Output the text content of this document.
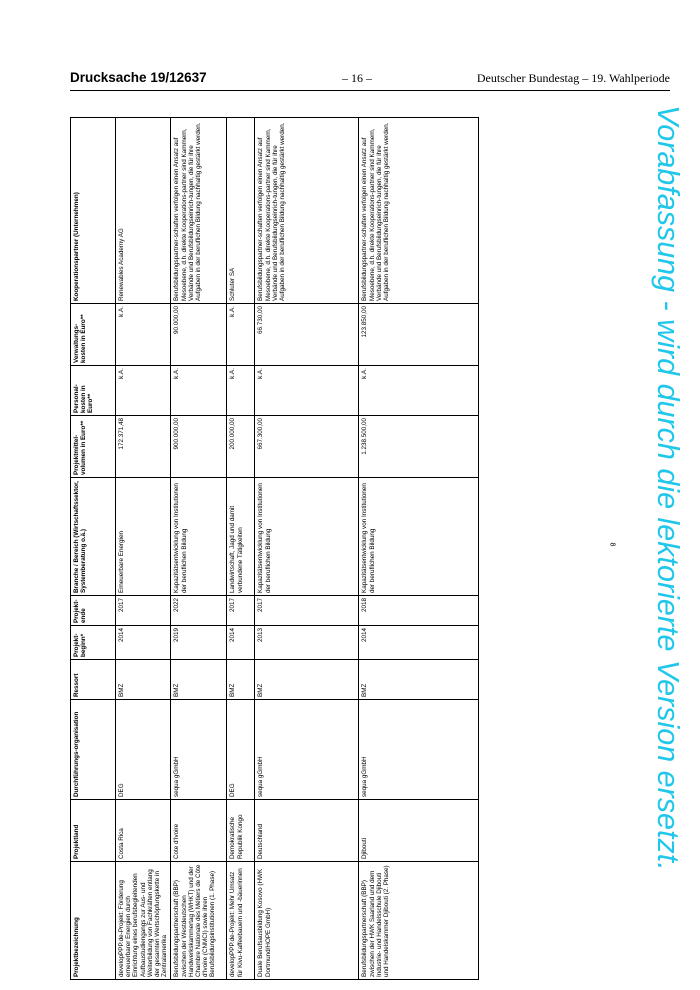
Drucksache 19/12637	– 16 –	Deutscher Bundestag – 19. Wahlperiode
Projektbezeichnung	Projektland	Durchführungs-organisation	Ressort	Projekt-beginn*	Projekt-ende	Branche / Bereich (Wirtschaftssektor, Systemberatung o.ä.)	Projektmittel-volumen in Euro**	Personal-kosten in Euro**	Verwaltungs-kosten in Euro**	Kooperationspartner (Unternehmen)
developPPP.de-Projekt: Förderung erneuerbarer Energien durch Einrichtung eines berufsbegleitenden Aufbaustudiengangs zur Aus- und Weiterbildung von Fachkräften entlang der gesamten Wertschöpfungskette in Zentralamerika	Costa Rica	DEG	BMZ	2014	2017	Erneuerbare Energien	172.371,48	k.A.	k.A.	Renewables Academy AG
Berufsbildungspartnerschaft (BBP) zwischen der Westdeutschen Handwerkskammertag (WHKT) und der Chambre Nationale des Métiers de Côte d'Ivoire (CNMCI) sowie ihren Berufsbildungsinstitutionen (1. Phase)	Cote d'Ivoire	sequa gGmbH	BMZ	2019	2022	Kapazitätsentwicklung von Institutionen der beruflichen Bildung	900.000,00	k.A.	90.000,00	Berufsbildungspartner-schaften verfolgen einen Ansatz auf Mesoebene, d.h. direkte Kooperations-partner sind Kammern, Verbände und Berufsbildungseinrich-tungen, die für ihre Aufgaben in der beruflichen Bildung nachhaltig gestärkt werden.
developPPP.de-Projekt: Mehr Umsatz für Kivu-Kaffeebauern und -bäuerinnen	Demokratische Republik Kongo	DEG	BMZ	2014	2017	Landwirtschaft, Jagd und damit verbundene Tätigkeiten	200.000,00	k.A.	k.A.	Schluter SA
Duale Berufsausbildung Kosovo (HWK Dortmund/HOPE GmbH)	Deutschland	sequa gGmbH	BMZ	2013	2017	Kapazitätsentwicklung von Institutionen der beruflichen Bildung	667.300,00	k.A.	66.730,00	Berufsbildungspartner-schaften verfolgen einen Ansatz auf Mesoebene, d.h. direkte Kooperations-partner sind Kammern, Verbände und Berufsbildungseinrich-tungen, die für ihre Aufgaben in der beruflichen Bildung nachhaltig gestärkt werden.
Berufsbildungspartnerschaft (BBP) zwischen der HWK Saarland und dem Industrie- und Handelsschule Djibouti und Handelskammer Djibouti (2. Phase)	Djibouti	sequa gGmbH	BMZ	2014	2018	Kapazitätsentwicklung von Institutionen der beruflichen Bildung	1.238.500,00	k.A.	123.850,00	Berufsbildungspartner-schaften verfolgen einen Ansatz auf Mesoebene, d.h. direkte Kooperations-partner sind Kammern, Verbände und Berufsbildungseinrich-tungen, die für ihre Aufgaben in der beruflichen Bildung nachhaltig gestärkt werden.
8	Vorabfassung - wird durch die lektorierte Version ersetzt.
